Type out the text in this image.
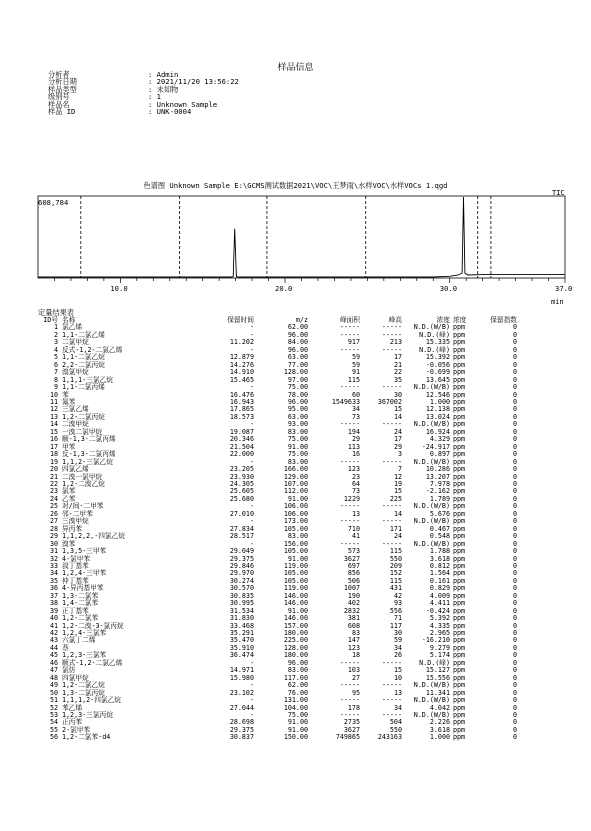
样品信息
分析者	: Admin
分析日期	: 2021/11/20 13:56:22
样品类型	: 未知物
级别号	: 1
样品名	: Unknown Sample
样品 ID	: UNK-0004
色谱图 Unknown Sample E:\GCMS测试数据2021\VOC\王梦雨\水样VOC\水样VOCs 1.qgd
TIC
10.0	20.0	30.0	37.0
608,784
min
定量结果表
ID号	名称	保留时间	m/z	峰面积	峰高	浓度	浓度	保留指数
1	氯乙烯	-	62.00	-----	-----	N.D.(W/B)	ppm	0
2	1,1-二氯乙烯	-	96.00	-----	-----	N.D.(峰)	ppm	0
3	二氯甲烷	11.202	84.00	917	213	15.335	ppm	0
4	反式-1,2-二氯乙烯	-	96.00	-----	-----	N.D.(峰)	ppm	0
5	1,1-二氯乙烷	12.879	63.00	59	17	15.392	ppm	0
6	2,2-二氯丙烷	14.276	77.00	59	21	-0.056	ppm	0
7	溴氯甲烷	14.910	128.00	91	22	-0.699	ppm	0
8	1,1,1-三氯乙烷	15.465	97.00	115	35	13.645	ppm	0
9	1,1-二氯丙烯	-	75.00	-----	-----	N.D.(W/B)	ppm	0
10	苯	16.476	78.00	60	30	12.546	ppm	0
11	氟苯	16.943	96.00	1549633	367002	1.000	ppm	0
12	三氯乙烯	17.865	95.00	34	15	12.138	ppm	0
13	1,2-二氯丙烷	18.573	63.00	73	14	13.024	ppm	0
14	二溴甲烷	-	93.00	-----	-----	N.D.(W/B)	ppm	0
15	一溴二氯甲烷	19.087	83.00	194	24	16.924	ppm	0
16	顺-1,3-二氯丙烯	20.346	75.00	29	17	4.329	ppm	0
17	甲苯	21.504	91.00	113	29	-24.917	ppm	0
18	反-1,3-二氯丙烯	22.000	75.00	16	3	0.897	ppm	0
19	1,1,2-三氯乙烷	-	83.00	-----	-----	N.D.(W/B)	ppm	0
20	四氯乙烯	23.205	166.00	123	7	10.286	ppm	0
21	二溴一氯甲烷	23.930	129.00	23	12	13.207	ppm	0
22	1,2-二溴乙烷	24.305	107.00	64	19	7.978	ppm	0
23	氯苯	25.605	112.00	73	15	-2.162	ppm	0
24	乙苯	25.680	91.00	1229	225	1.789	ppm	0
25	对/间-二甲苯	-	106.00	-----	-----	N.D.(W/B)	ppm	0
26	邻-二甲苯	27.010	106.00	13	14	5.676	ppm	0
27	三溴甲烷	-	173.00	-----	-----	N.D.(W/B)	ppm	0
28	异丙苯	27.834	105.00	710	171	0.467	ppm	0
29	1,1,2,2,-四氯乙烷	28.517	83.00	41	24	0.548	ppm	0
30	溴苯	-	156.00	-----	-----	N.D.(W/B)	ppm	0
31	1,3,5-三甲苯	29.049	105.00	573	115	1.788	ppm	0
32	4-氯甲苯	29.375	91.00	3627	550	3.618	ppm	0
33	叔丁基苯	29.846	119.00	697	209	0.812	ppm	0
34	1,2,4-三甲苯	29.970	105.00	856	152	1.564	ppm	0
35	仲丁基苯	30.274	105.00	506	115	0.161	ppm	0
36	4-异丙基甲苯	30.570	119.00	1007	431	0.829	ppm	0
37	1,3-二氯苯	30.835	146.00	190	42	4.009	ppm	0
38	1,4-二氯苯	30.995	146.00	402	93	4.411	ppm	0
39	正丁基苯	31.534	91.00	2832	556	-0.424	ppm	0
40	1,2-二氯苯	31.830	146.00	381	71	5.392	ppm	0
41	1,2-二溴-3-氯丙烷	33.468	157.00	608	117	4.335	ppm	0
42	1,2,4-三氯苯	35.291	180.00	83	30	2.965	ppm	0
43	六氯丁二烯	35.470	225.00	147	59	-16.210	ppm	0
44	萘	35.910	128.00	123	34	9.279	ppm	0
45	1,2,3-三氯苯	36.474	180.00	18	26	5.174	ppm	0
46	顺式-1,2-二氯乙烯	-	96.00	-----	-----	N.D.(峰)	ppm	0
47	氯仿	14.971	83.00	103	15	15.127	ppm	0
48	四氯甲烷	15.980	117.00	27	10	15.556	ppm	0
49	1,2-二氯乙烷	-	62.00	-----	-----	N.D.(W/B)	ppm	0
50	1,3-二氯丙烷	23.102	76.00	95	13	11.341	ppm	0
51	1,1,1,2-四氯乙烷	-	131.00	-----	-----	N.D.(W/B)	ppm	0
52	苯乙烯	27.044	104.00	178	34	4.042	ppm	0
53	1,2,3-三氯丙烷	-	75.00	-----	-----	N.D.(W/B)	ppm	0
54	正丙苯	28.698	91.00	2735	504	2.226	ppm	0
55	2-氯甲苯	29.375	91.00	3627	550	3.618	ppm	0
56	1,2-二氯苯-d4	30.837	150.00	749865	243163	1.000	ppm	0
